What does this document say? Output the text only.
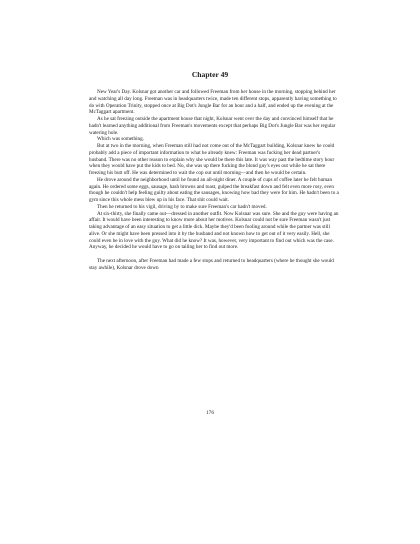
Chapter 49

New Year's Day. Kolsnar got another car and followed Freeman from her house in the morning, stopping behind her and watching all day long. Freeman was in headquarters twice, made ten different stops, apparently having something to do with Operation Trinity, stopped once at Big Dot's Jungle Bar for an hour and a half, and ended up the evening at the McTaggart apartment.

As he sat freezing outside the apartment house that night, Kolsnar went over the day and convinced himself that he hadn't learned anything additional from Freeman's movements except that perhaps Big Dot's Jungle Bar was her regular watering hole.

Which was something.

But at two in the morning, when Freeman still had not come out of the McTaggart building, Kolsnar knew he could probably add a piece of important information to what he already knew: Freeman was fucking her dead partner's husband. There was no other reason to explain why she would be there this late. It was way past the bedtime story hour when they would have put the kids to bed. No, she was up there fucking the blond guy's eyes out while he sat there freezing his butt off. He was determined to wait the cop out until morning—and then he would be certain.

He drove around the neighborhood until he found an all-night diner. A couple of cups of coffee later he felt human again. He ordered some eggs, sausage, hash browns and toast, gulped the breakfast down and felt even more rosy, even though he couldn't help feeling guilty about eating the sausages, knowing how bad they were for him. He hadn't been to a gym since this whole mess blew up in his face. That shit could wait.

Then he returned to his vigil, driving by to make sure Freeman's car hadn't moved.

At six-thirty, she finally came out—dressed in another outfit. Now Kolsnar was sure. She and the guy were having an affair. It would have been interesting to know more about her motives. Kolsnar could not be sure Freeman wasn't just taking advantage of an easy situation to get a little dick. Maybe they'd been fooling around while the partner was still alive. Or she might have been pressed into it by the husband and not known how to get out of it very easily. Hell, she could even be in love with the guy. What did he know? It was, however, very important to find out which was the case. Anyway, he decided he would have to go on tailing her to find out more.

The next afternoon, after Freeman had made a few stops and returned to headquarters (where he thought she would stay awhile), Kolsnar drove down

176
